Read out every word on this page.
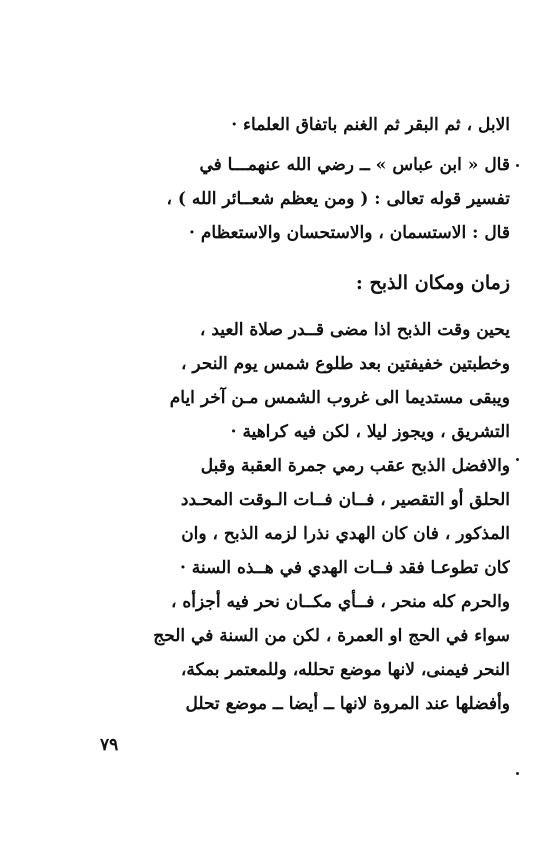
الابل ، ثم البقر ثم الغنم باتفاق العلماء ·
قال « ابن عباس » ــ رضي الله عنهمـــا في
تفسير قوله تعالى : ( ومن يعظم شعــائر الله ) ،
قال : الاستسمان ، والاستحسان والاستعظام ·
زمان ومكان الذبح :
يحين وقت الذبح اذا مضى قــدر صلاة العيد ،
وخطبتين خفيفتين بعد طلوع شمس يوم النحر ،
ويبقى مستديما الى غروب الشمس مـن آخر ايام
التشريق ، ويجوز ليلا ، لكن فيه كراهية ·
والافضل الذبح عقب رمي جمرة العقبة وقبل
الحلق أو التقصير ، فــان فــات الـوقت المحـدد
المذكور ، فان كان الهدي نذرا لزمه الذبح ، وان
كان تطوعـا فقد فــات الهدي في هــذه السنة ·
والحرم كله منحر ، فــأي مكــان نحر فيه أجزأه ،
سواء في الحج او العمرة ، لكن من السنة في الحج
النحر فيمنى، لانها موضع تحلله، وللمعتمر بمكة،
وأفضلها عند المروة لانها ــ أيضا ــ موضع تحلل
٧٩
